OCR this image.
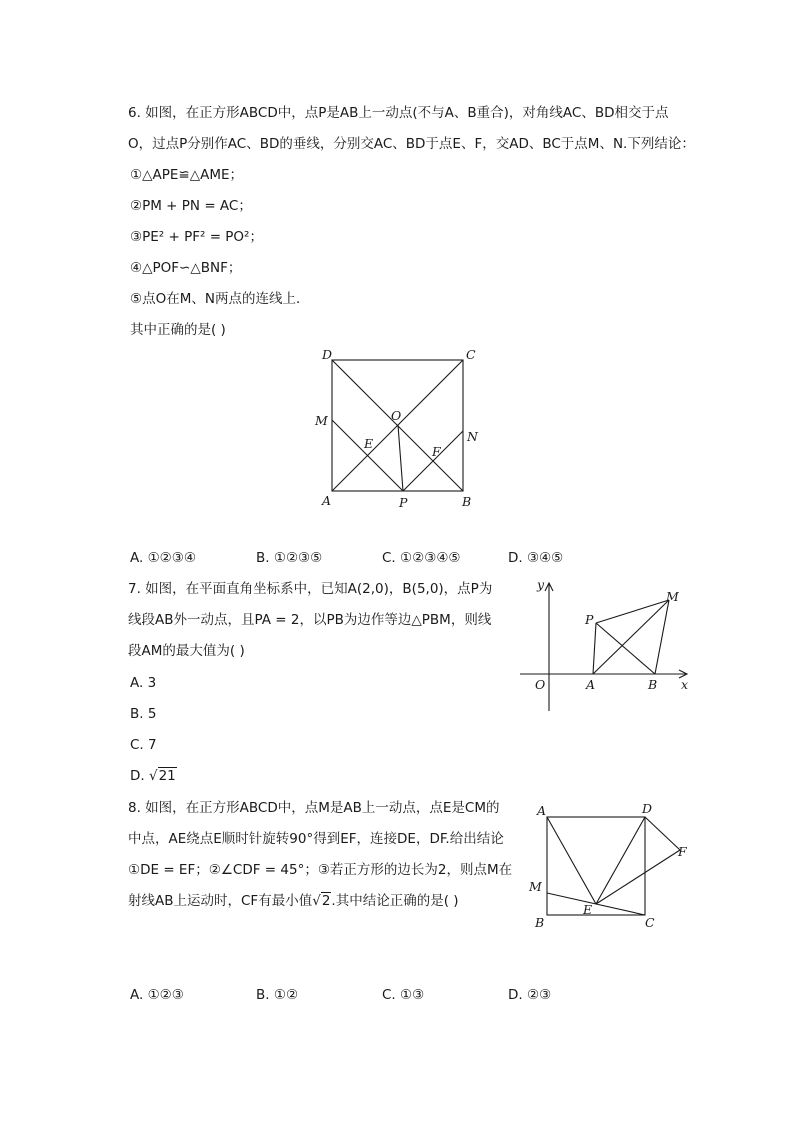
6. 如图，在正方形ABCD中，点P是AB上一动点(不与A、B重合)，对角线AC、BD相交于点
O，过点P分别作AC、BD的垂线，分别交AC、BD于点E、F，交AD、BC于点M、N.下列结论：
①△APE≌△AME；
②PM + PN = AC；
③PE² + PF² = PO²；
④△POF∽△BNF；
⑤点O在M、N两点的连线上．
其中正确的是( )
D	C
M	O
E
F
N
A	P	B
A. ①②③④	B. ①②③⑤	C. ①②③④⑤	D. ③④⑤
7. 如图，在平面直角坐标系中，已知A(2,0)，B(5,0)，点P为
线段AB外一动点，且PA = 2，以PB为边作等边△PBM，则线
段AM的最大值为( )
A. 3
B. 5
C. 7
D. √21
y
x
O	A	B
P
M
8. 如图，在正方形ABCD中，点M是AB上一动点，点E是CM的
中点，AE绕点E顺时针旋转90°得到EF，连接DE，DF.给出结论
①DE = EF；②∠CDF = 45°；③若正方形的边长为2，则点M在
射线AB上运动时，CF有最小值√2.其中结论正确的是( )
A	D
F
M
E
B	C
A. ①②③	B. ①②	C. ①③	D. ②③
